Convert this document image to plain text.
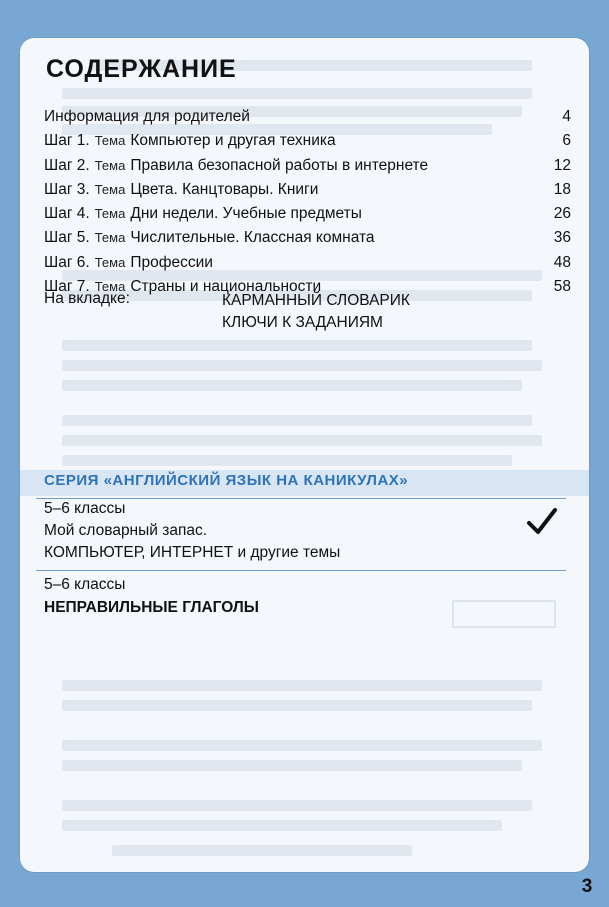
СОДЕРЖАНИЕ
Информация для родителей	4
Шаг 1. Тема Компьютер и другая техника	6
Шаг 2. Тема Правила безопасной работы в интернете	12
Шаг 3. Тема Цвета. Канцтовары. Книги	18
Шаг 4. Тема Дни недели. Учебные предметы	26
Шаг 5. Тема Числительные. Классная комната	36
Шаг 6. Тема Профессии	48
Шаг 7. Тема Страны и национальности	58
На вкладке:	КАРМАННЫЙ СЛОВАРИК
КЛЮЧИ К ЗАДАНИЯМ
СЕРИЯ «АНГЛИЙСКИЙ ЯЗЫК НА КАНИКУЛАХ»
5–6 классы
Мой словарный запас.
КОМПЬЮТЕР, ИНТЕРНЕТ и другие темы
5–6 классы
НЕПРАВИЛЬНЫЕ ГЛАГОЛЫ
3
